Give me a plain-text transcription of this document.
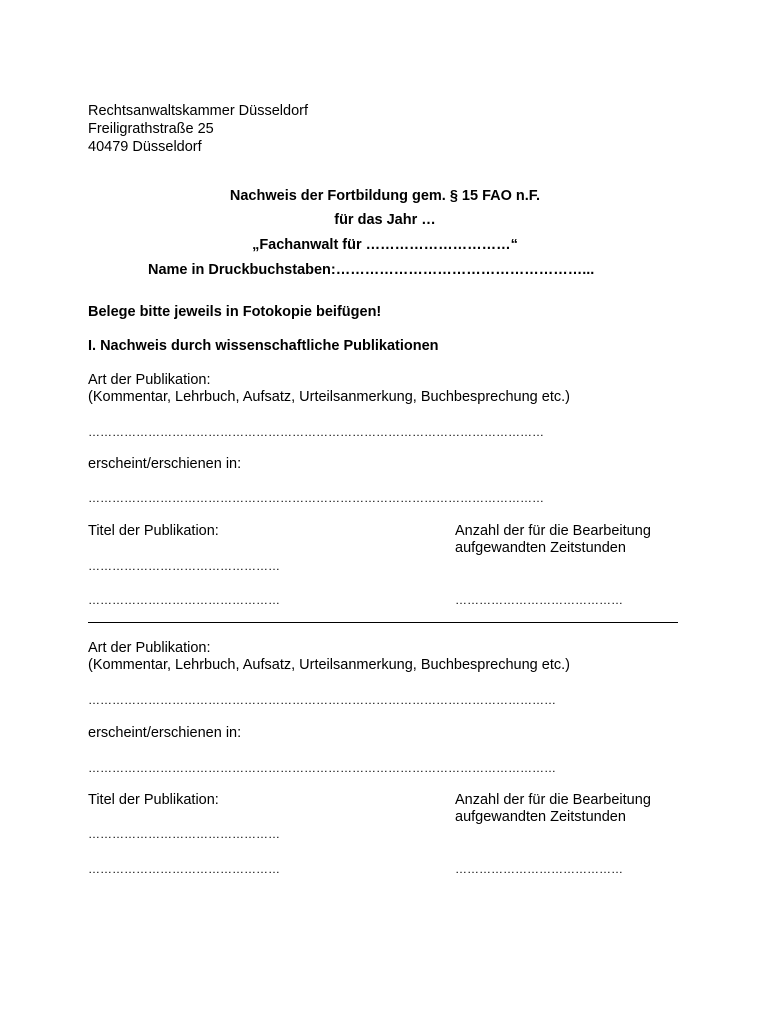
Rechtsanwaltskammer Düsseldorf
Freiligrathstraße 25
40479 Düsseldorf
Nachweis der Fortbildung gem. § 15 FAO n.F.
für das Jahr …
„Fachanwalt für …………………………“
Name in Druckbuchstaben:……………………………………………...
Belege bitte jeweils in Fotokopie beifügen!
I. Nachweis durch wissenschaftliche Publikationen
Art der Publikation:
(Kommentar, Lehrbuch, Aufsatz, Urteilsanmerkung, Buchbesprechung etc.)
……………………………………………………………………………………………………
erscheint/erschienen in:
……………………………………………………………………………………………………
Titel der Publikation:	Anzahl der für die Bearbeitung
aufgewandten Zeitstunden
…………………………………………
…………………………………………	……………………………………
Art der Publikation:
(Kommentar, Lehrbuch, Aufsatz, Urteilsanmerkung, Buchbesprechung etc.)
………………………………………………………………………………………………………
erscheint/erschienen in:
………………………………………………………………………………………………………
Titel der Publikation:	Anzahl der für die Bearbeitung
aufgewandten Zeitstunden
…………………………………………
…………………………………………	……………………………………
